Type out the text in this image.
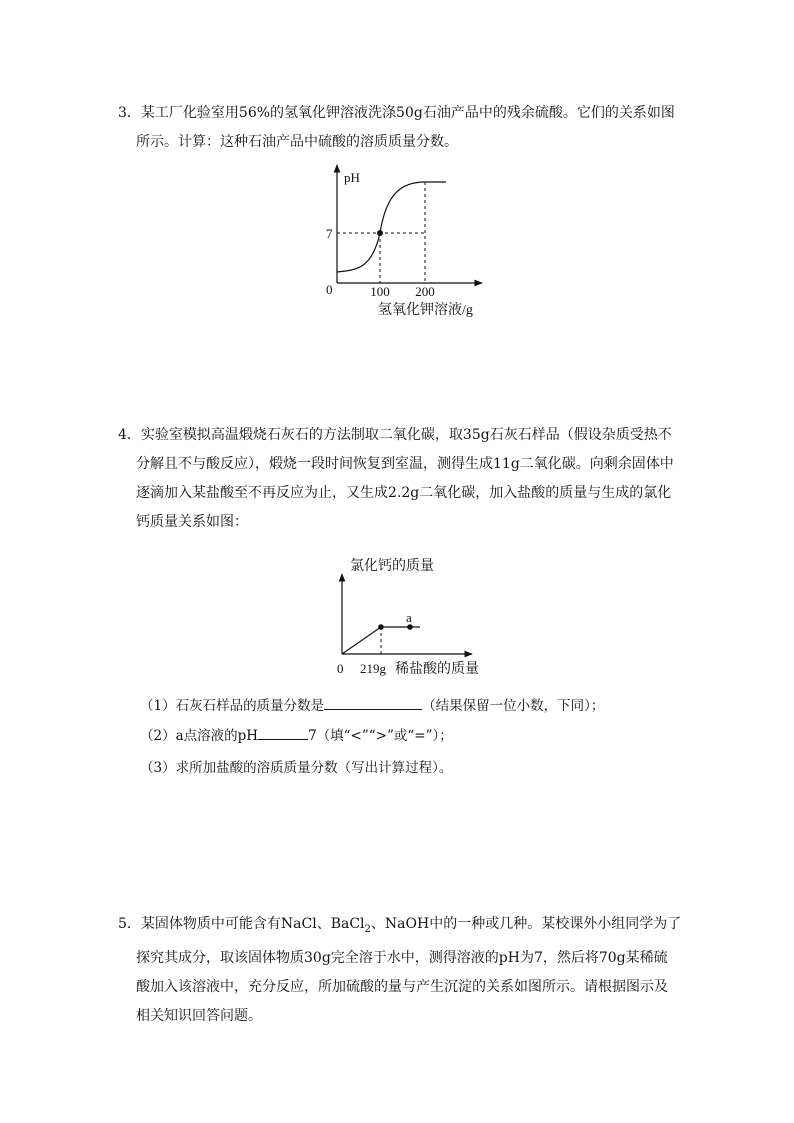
3．某工厂化验室用56%的氢氧化钾溶液洗涤50g石油产品中的残余硫酸。它们的关系如图
所示。计算：这种石油产品中硫酸的溶质质量分数。
pH
7
0	100 200
氢氧化钾溶液/g
4．实验室模拟高温煅烧石灰石的方法制取二氧化碳，取35g石灰石样品（假设杂质受热不
分解且不与酸反应），煅烧一段时间恢复到室温，测得生成11g二氧化碳。向剩余固体中
逐滴加入某盐酸至不再反应为止，又生成2.2g二氧化碳，加入盐酸的质量与生成的氯化
钙质量关系如图：
氯化钙的质量
a
0 219g 稀盐酸的质量
（1）石灰石样品的质量分数是	（结果保留一位小数，下同）；
（2）a点溶液的pH	7（填“<”“>”或“=”）；
（3）求所加盐酸的溶质质量分数（写出计算过程）。
5．某固体物质中可能含有NaCl、BaCl$_2$、NaOH中的一种或几种。某校课外小组同学为了
探究其成分，取该固体物质30g完全溶于水中，测得溶液的pH为7，然后将70g某稀硫
酸加入该溶液中，充分反应，所加硫酸的量与产生沉淀的关系如图所示。请根据图示及
相关知识回答问题。
